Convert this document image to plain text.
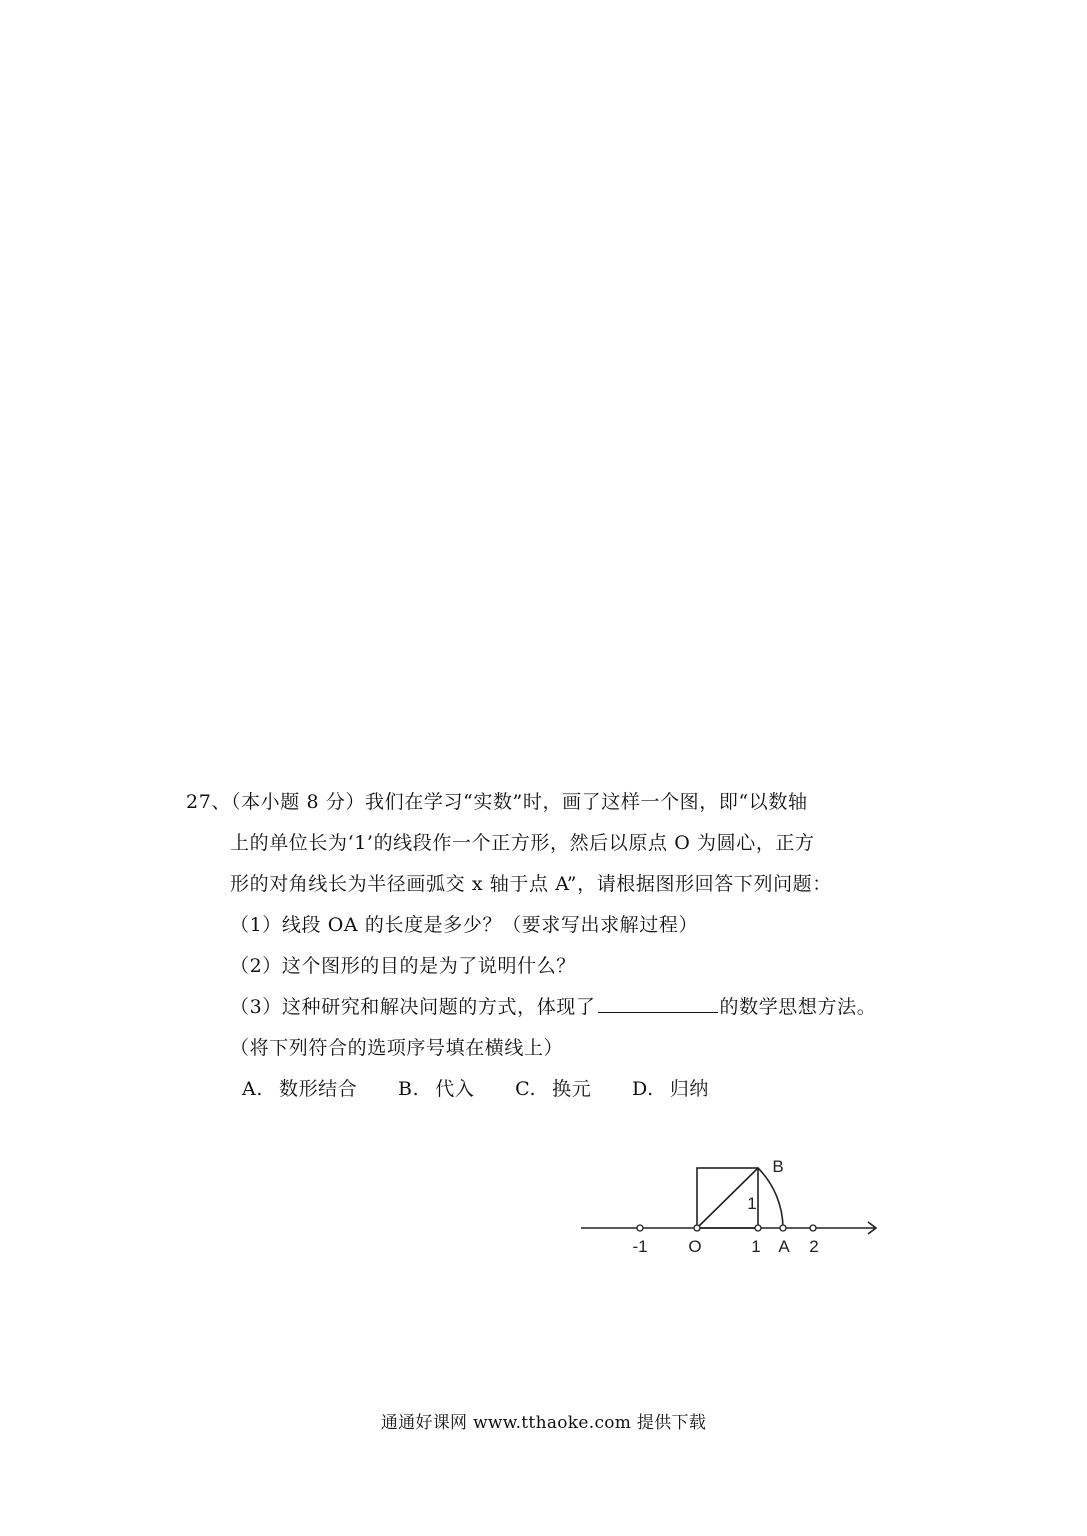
27、（本小题 8 分）我们在学习“实数”时，画了这样一个图，即“以数轴
上的单位长为‘1’的线段作一个正方形，然后以原点 O 为圆心，正方
形的对角线长为半径画弧交 x 轴于点 A”，请根据图形回答下列问题：
（1）线段 OA 的长度是多少？（要求写出求解过程）
（2）这个图形的目的是为了说明什么？
（3）这种研究和解决问题的方式，体现了	的数学思想方法。
（将下列符合的选项序号填在横线上）
A. 数形结合 B. 代入 C. 换元 D. 归纳
-1 O	1 A 2
B
1
通通好课网 www.tthaoke.com 提供下载
